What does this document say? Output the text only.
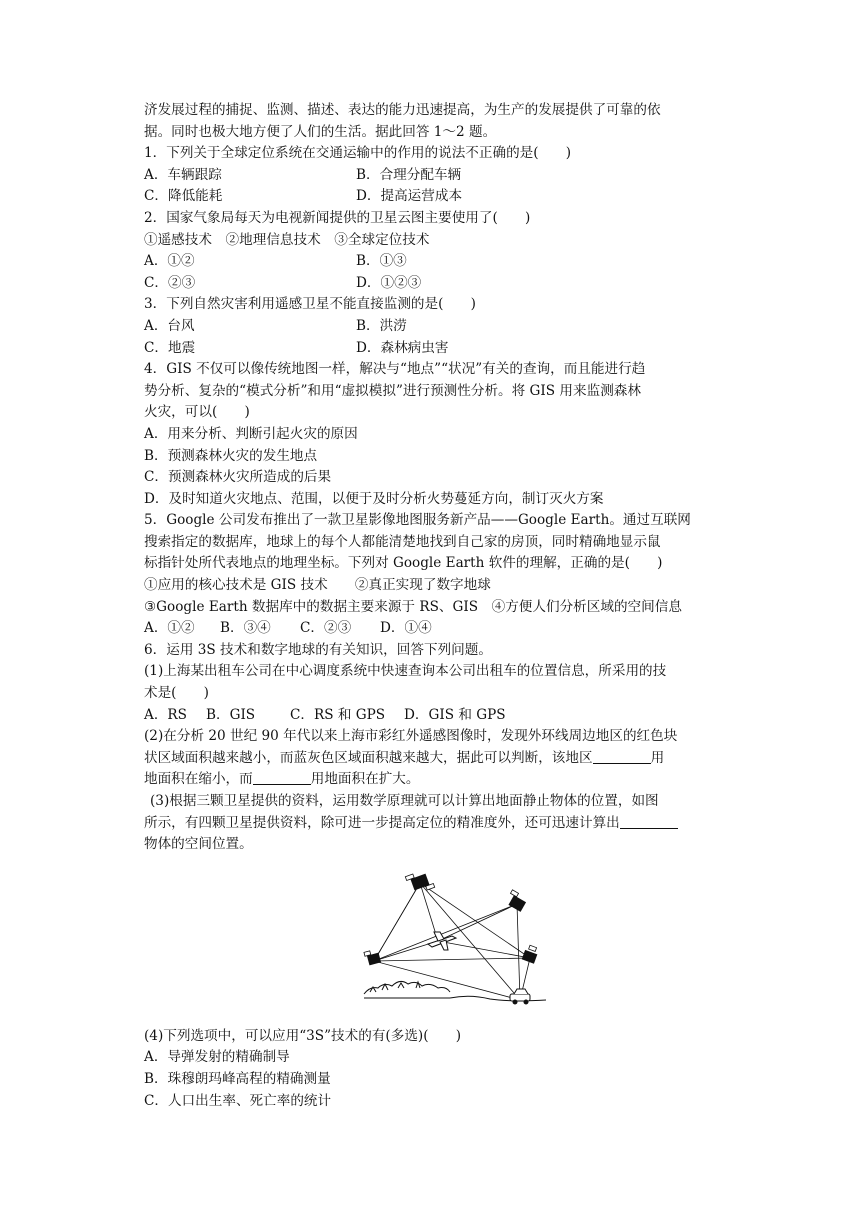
济发展过程的捕捉、监测、描述、表达的能力迅速提高，为生产的发展提供了可靠的依
据。同时也极大地方便了人们的生活。据此回答 1～2 题。
1．下列关于全球定位系统在交通运输中的作用的说法不正确的是(　　)
A．车辆跟踪	B．合理分配车辆
C．降低能耗	D．提高运营成本
2．国家气象局每天为电视新闻提供的卫星云图主要使用了(　　)
①遥感技术　②地理信息技术　③全球定位技术
A．①②	B．①③
C．②③	D．①②③
3．下列自然灾害利用遥感卫星不能直接监测的是(　　)
A．台风	B．洪涝
C．地震	D．森林病虫害
4．GIS 不仅可以像传统地图一样，解决与“地点”“状况”有关的查询，而且能进行趋
势分析、复杂的“模式分析”和用“虚拟模拟”进行预测性分析。将 GIS 用来监测森林
火灾，可以(　　)
A．用来分析、判断引起火灾的原因
B．预测森林火灾的发生地点
C．预测森林火灾所造成的后果
D．及时知道火灾地点、范围，以便于及时分析火势蔓延方向，制订灭火方案
5．Google 公司发布推出了一款卫星影像地图服务新产品——Google Earth。通过互联网
搜索指定的数据库，地球上的每个人都能清楚地找到自己家的房顶，同时精确地显示鼠
标指针处所代表地点的地理坐标。下列对 Google Earth 软件的理解，正确的是(　　)
①应用的核心技术是 GIS 技术　　②真正实现了数字地球
③Google Earth 数据库中的数据主要来源于 RS、GIS　④方便人们分析区域的空间信息
A．①②	B．③④	C．②③	D．①④
6．运用 3S 技术和数字地球的有关知识，回答下列问题。
(1)上海某出租车公司在中心调度系统中快速查询本公司出租车的位置信息，所采用的技
术是(　　)
A．RS	B．GIS	C．RS 和 GPS	D．GIS 和 GPS
(2)在分析 20 世纪 90 年代以来上海市彩红外遥感图像时，发现外环线周边地区的红色块
状区域面积越来越小，而蓝灰色区域面积越来越大，据此可以判断，该地区	用
地面积在缩小，而	用地面积在扩大。
(3)根据三颗卫星提供的资料，运用数学原理就可以计算出地面静止物体的位置，如图
所示，有四颗卫星提供资料，除可进一步提高定位的精准度外，还可迅速计算出
物体的空间位置。
(4)下列选项中，可以应用“3S”技术的有(多选)(　　)
A．导弹发射的精确制导
B．珠穆朗玛峰高程的精确测量
C．人口出生率、死亡率的统计
